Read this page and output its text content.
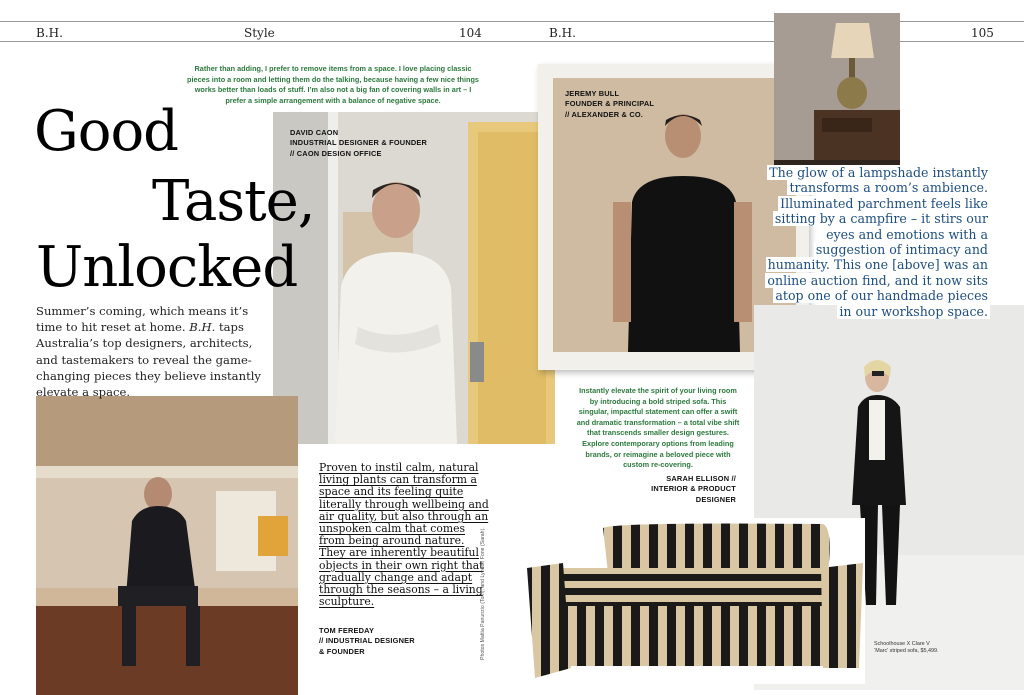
B.H.	Style	104	B.H.	105
Good
Taste,
Unlocked

Summer’s coming, which means it’s time to hit reset at home. B.H. taps Australia’s top designers, architects, and tastemakers to reveal the game-changing pieces they believe instantly elevate a space.

Rather than adding, I prefer to remove items from a space. I love placing classic pieces into a room and letting them do the talking, because having a few nice things works better than loads of stuff. I’m also not a big fan of covering walls in art – I prefer a simple arrangement with a balance of negative space.

DAVID CAON
INDUSTRIAL DESIGNER & FOUNDER
// CAON DESIGN OFFICE
JEREMY BULL
FOUNDER & PRINCIPAL
// ALEXANDER & CO.

The glow of a lampshade instantly transforms a room’s ambience. Illuminated parchment feels like sitting by a campfire – it stirs our eyes and emotions with a suggestion of intimacy and humanity. This one [above] was an online auction find, and it now sits atop one of our handmade pieces in our workshop space.

Proven to instil calm, natural living plants can transform a space and its feeling quite literally through wellbeing and air quality, but also through an unspoken calm that comes from being around nature. They are inherently beautiful objects in their own right that gradually change and adapt through the seasons – a living sculpture.

TOM FEREDAY
// INDUSTRIAL DESIGNER
& FOUNDER	Photos Mattia Panunzio (Tom), and Lyndon Fone (Sarah).

Instantly elevate the spirit of your living room by introducing a bold striped sofa. This singular, impactful statement can offer a swift and dramatic transformation – a total vibe shift that transcends smaller design gestures. Explore contemporary options from leading brands, or reimagine a beloved piece with custom re-covering.

SARAH ELLISON //
INTERIOR & PRODUCT DESIGNER
Schoolhouse X Clare V
‘Marc’ striped sofa, $5,499.
